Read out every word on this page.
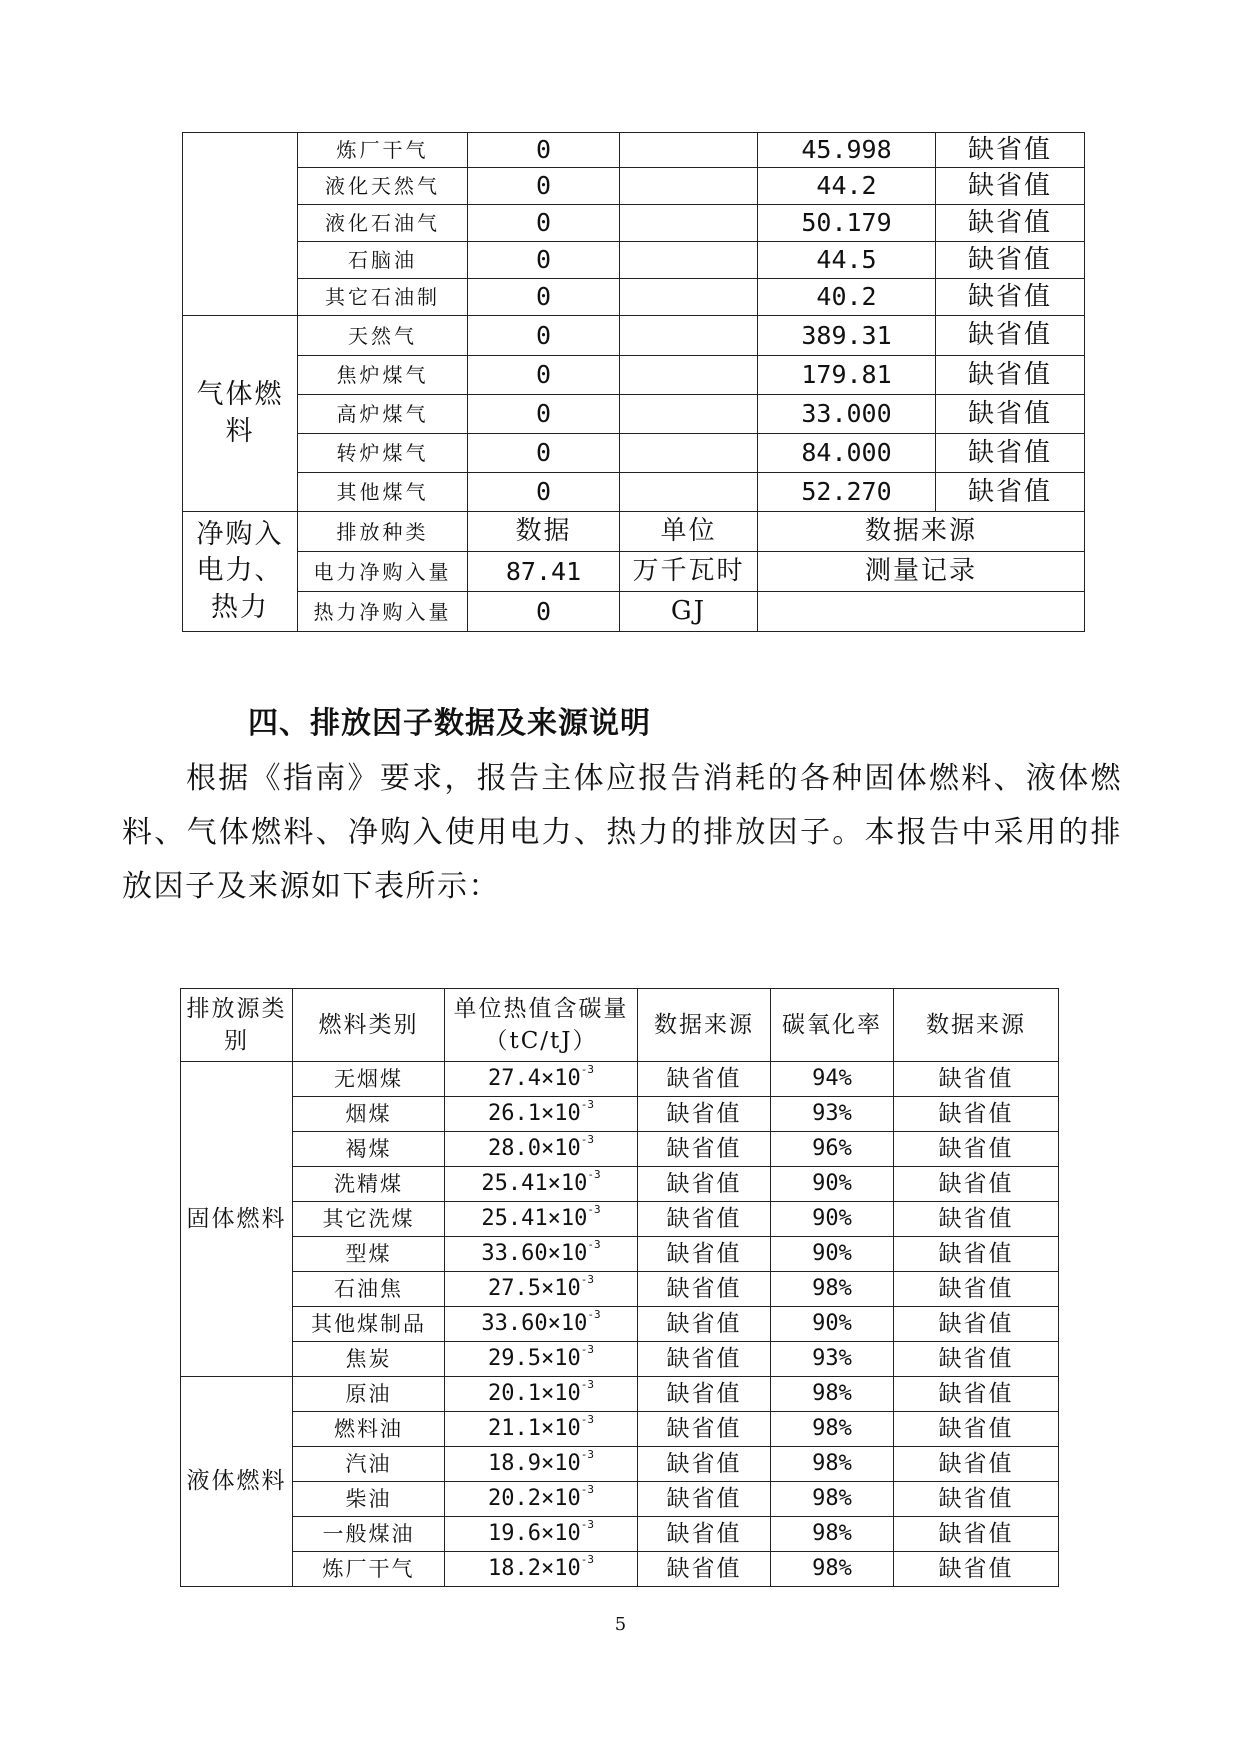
	炼厂干气	0		45.998	缺省值
	液化天然气	0		44.2	缺省值
	液化石油气	0		50.179	缺省值
	石脑油	0		44.5	缺省值
	其它石油制	0		40.2	缺省值
气体燃料	天然气	0		389.31	缺省值
	焦炉煤气	0		179.81	缺省值
	高炉煤气	0		33.000	缺省值
	转炉煤气	0		84.000	缺省值
	其他煤气	0		52.270	缺省值
净购入电力、热力	排放种类	数据	单位	数据来源	
	电力净购入量	87.41	万千瓦时	测量记录	
	热力净购入量	0	GJ		
四、排放因子数据及来源说明

根据《指南》要求，报告主体应报告消耗的各种固体燃料、液体燃料、气体燃料、净购入使用电力、热力的排放因子。本报告中采用的排放因子及来源如下表所示：

排放源类别	燃料类别	单位热值含碳量（tC/tJ）	数据来源	碳氧化率	数据来源
固体燃料	无烟煤	$27.4\times 10^{-3}$	缺省值	94%	缺省值
	烟煤	$26.1\times 10^{-3}$	缺省值	93%	缺省值
	褐煤	$28.0\times 10^{-3}$	缺省值	96%	缺省值
	洗精煤	$25.41\times 10^{-3}$	缺省值	90%	缺省值
	其它洗煤	$25.41\times 10^{-3}$	缺省值	90%	缺省值
	型煤	$33.60\times 10^{-3}$	缺省值	90%	缺省值
	石油焦	$27.5\times 10^{-3}$	缺省值	98%	缺省值
	其他煤制品	$33.60\times 10^{-3}$	缺省值	90%	缺省值
	焦炭	$29.5\times 10^{-3}$	缺省值	93%	缺省值
液体燃料	原油	$20.1\times 10^{-3}$	缺省值	98%	缺省值
	燃料油	$21.1\times 10^{-3}$	缺省值	98%	缺省值
	汽油	$18.9\times 10^{-3}$	缺省值	98%	缺省值
	柴油	$20.2\times 10^{-3}$	缺省值	98%	缺省值
	一般煤油	$19.6\times 10^{-3}$	缺省值	98%	缺省值
	炼厂干气	$18.2\times 10^{-3}$	缺省值	98%	缺省值
5
